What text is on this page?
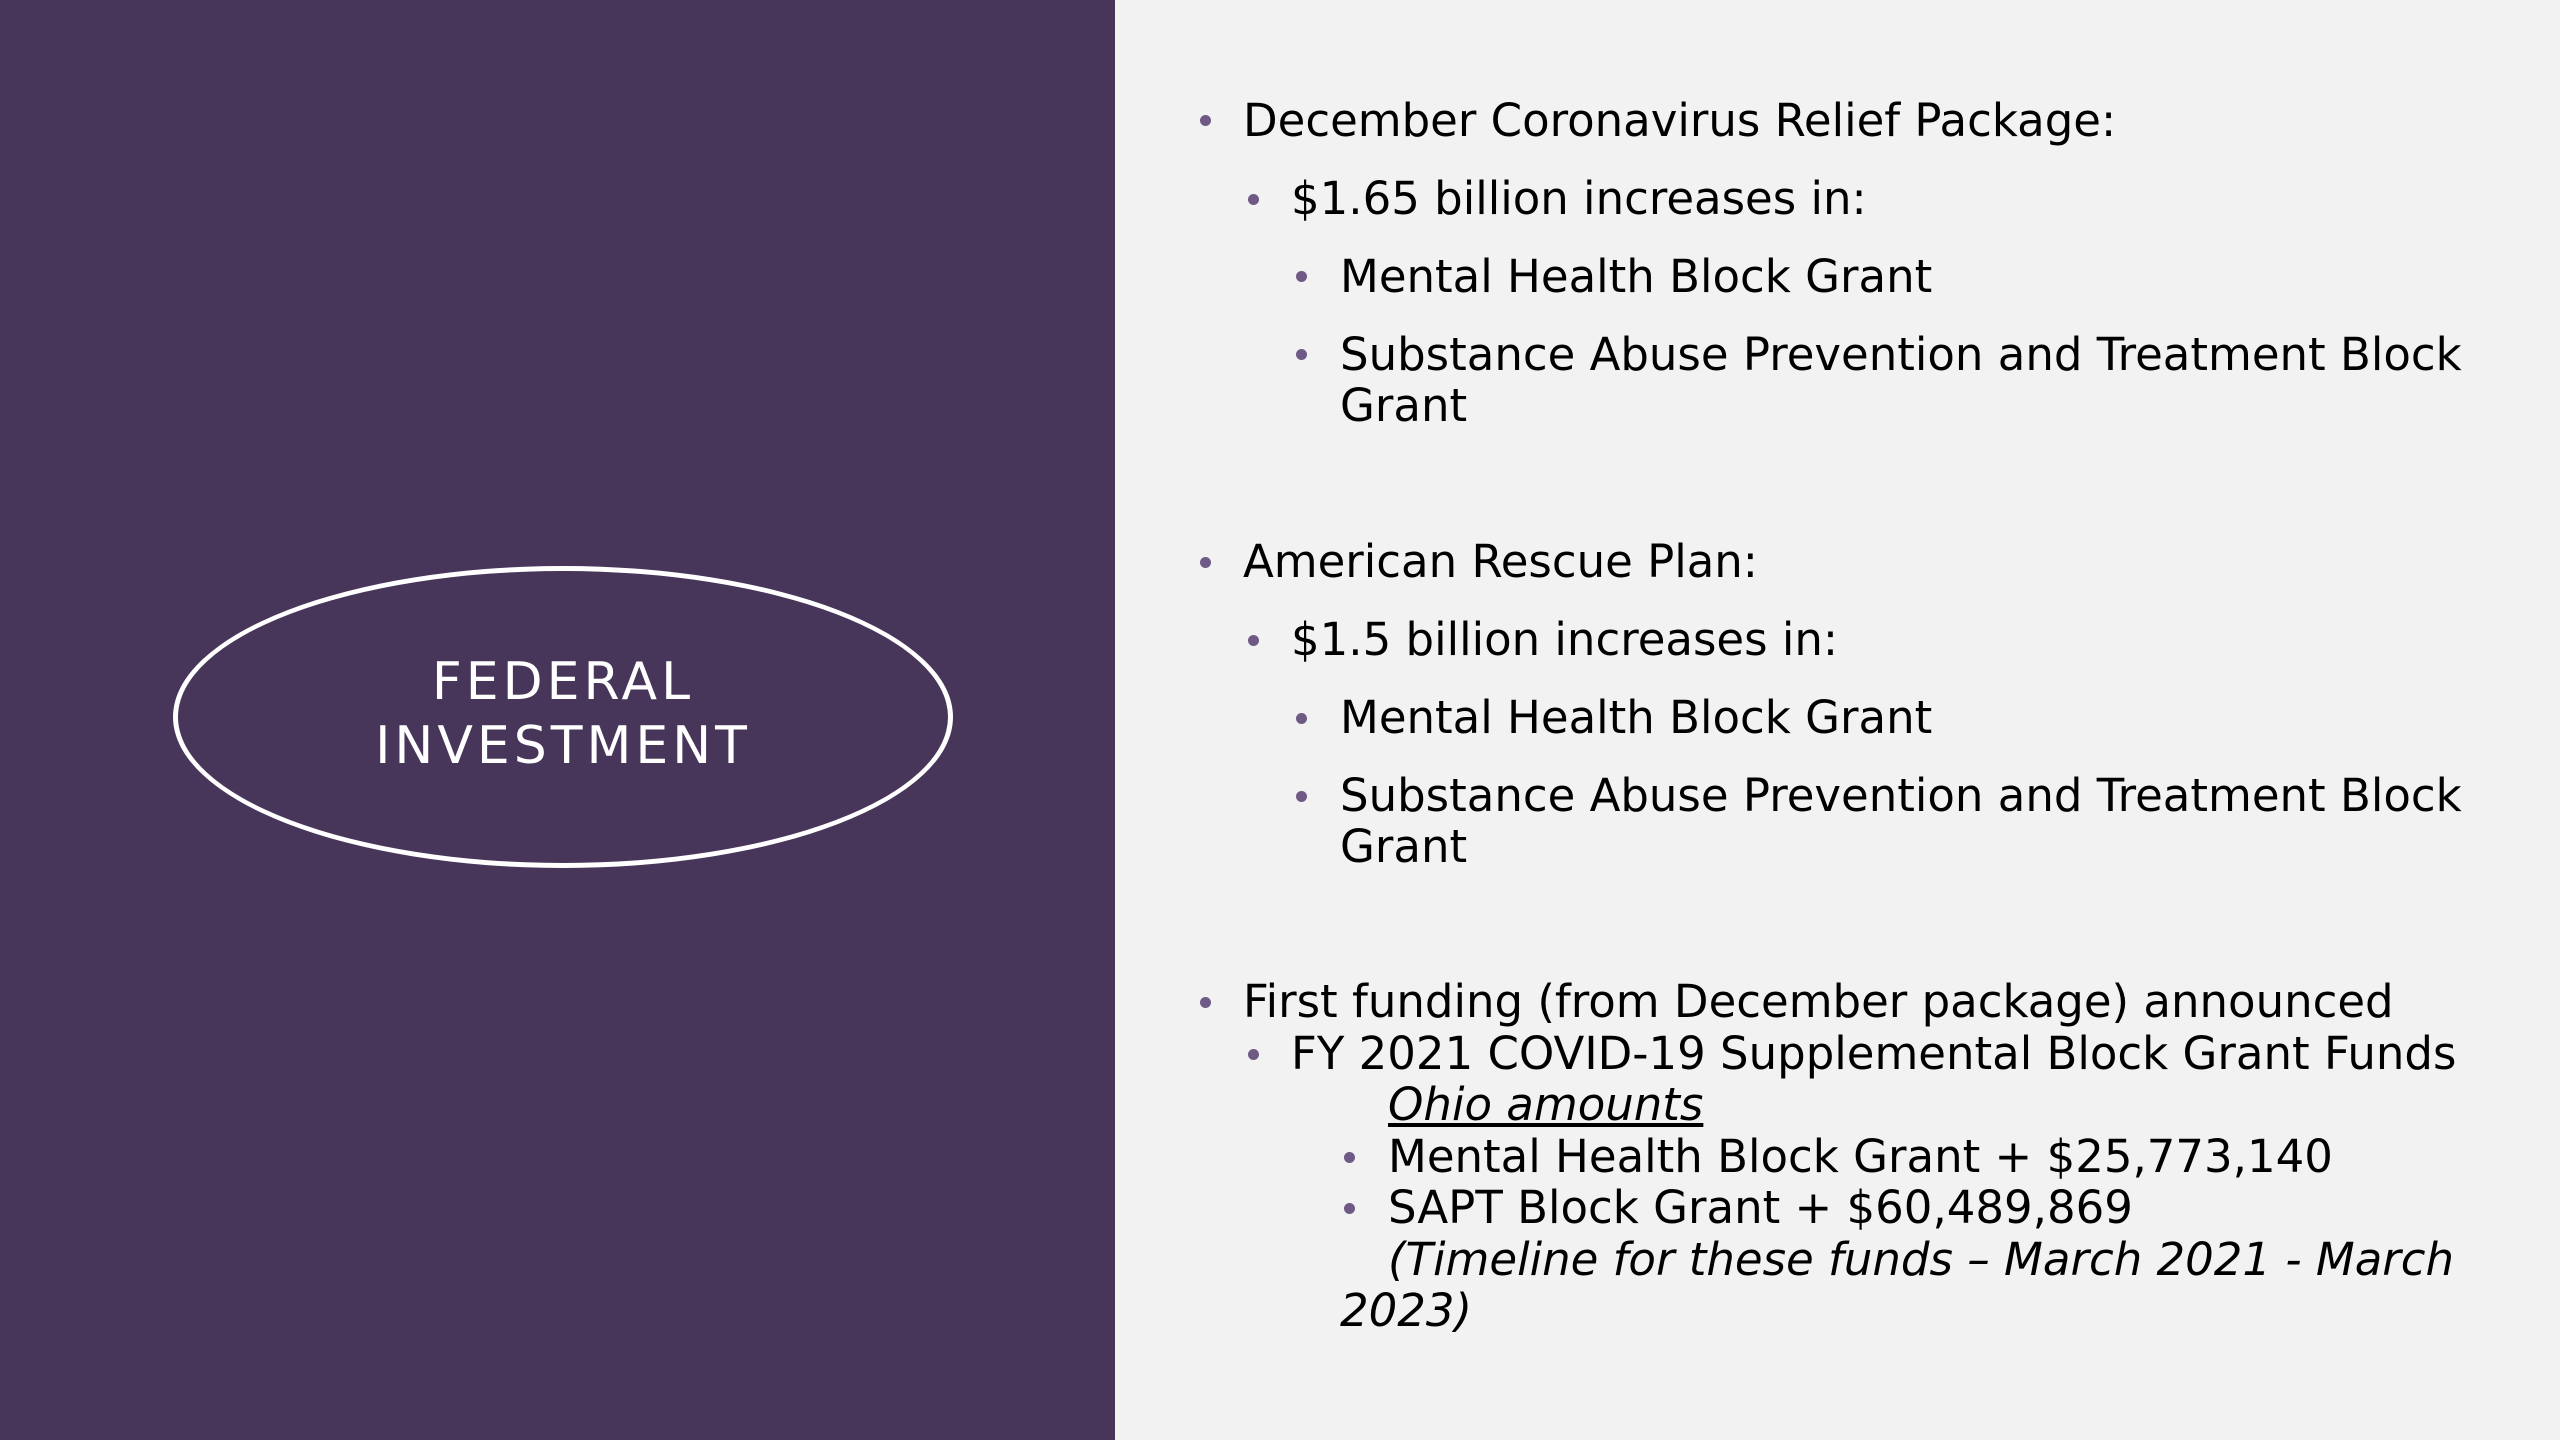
FEDERAL
INVESTMENT
December Coronavirus Relief Package:
$1.65 billion increases in:
Mental Health Block Grant
Substance Abuse Prevention and Treatment Block
Grant
American Rescue Plan:
$1.5 billion increases in:
Mental Health Block Grant
Substance Abuse Prevention and Treatment Block
Grant
First funding (from December package) announced
FY 2021 COVID-19 Supplemental Block Grant Funds
Ohio amounts
Mental Health Block Grant + $25,773,140
SAPT Block Grant + $60,489,869
(Timeline for these funds – March 2021 - March
2023)
